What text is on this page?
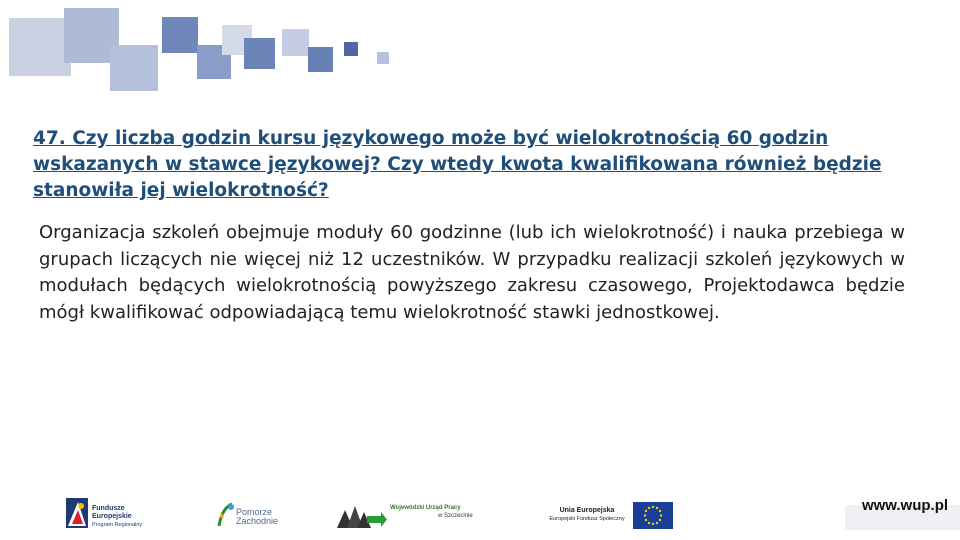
47. Czy liczba godzin kursu językowego może być wielokrotnością 60 godzin wskazanych w stawce językowej? Czy wtedy kwota kwalifikowana również będzie stanowiła jej wielokrotność?

Organizacja szkoleń obejmuje moduły 60 godzinne (lub ich wielokrotność) i nauka przebiega w grupach liczących nie więcej niż 12 uczestników. W przypadku realizacji szkoleń językowych w modułach będących wielokrotnością powyższego zakresu czasowego, Projektodawca będzie mógł kwalifikować odpowiadającą temu wielokrotność stawki jednostkowej.

Fundusze
Europejskie
Program Regionalny
Pomorze
Zachodnie
Wojewódzki Urząd Pracy
w Szczecinie
Unia Europejska
Europejski Fundusz Społeczny
www.wup.pl
